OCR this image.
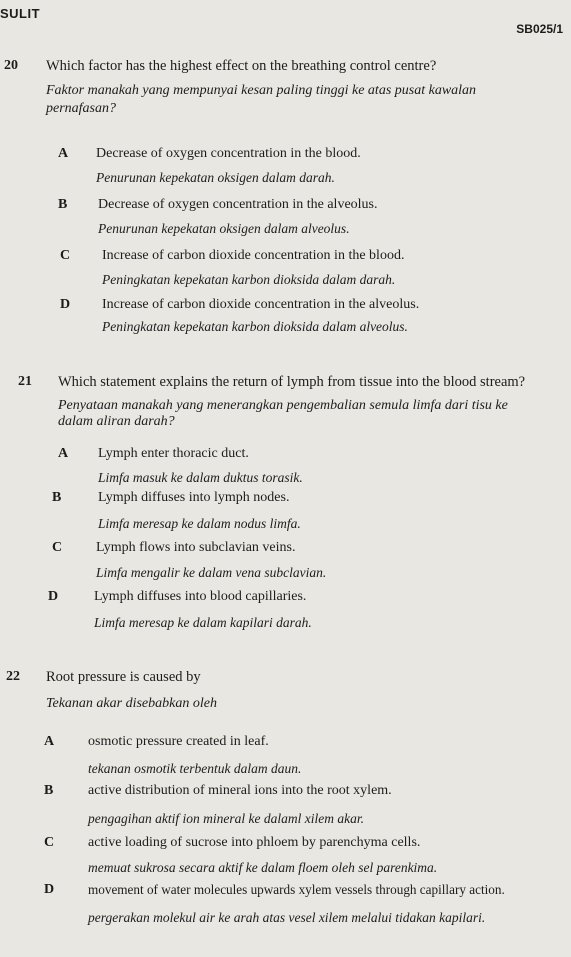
SULIT
SB025/1
20 Which factor has the highest effect on the breathing control centre?
Faktor manakah yang mempunyai kesan paling tinggi ke atas pusat kawalan
pernafasan?
A Decrease of oxygen concentration in the blood.
Penurunan kepekatan oksigen dalam darah.
B Decrease of oxygen concentration in the alveolus.
Penurunan kepekatan oksigen dalam alveolus.
C Increase of carbon dioxide concentration in the blood.
Peningkatan kepekatan karbon dioksida dalam darah.
D Increase of carbon dioxide concentration in the alveolus.
Peningkatan kepekatan karbon dioksida dalam alveolus.
21 Which statement explains the return of lymph from tissue into the blood stream?
Penyataan manakah yang menerangkan pengembalian semula limfa dari tisu ke
dalam aliran darah?
A Lymph enter thoracic duct.
Limfa masuk ke dalam duktus torasik.
B	Lymph diffuses into lymph nodes.
Limfa meresap ke dalam nodus limfa.
C Lymph flows into subclavian veins.
Limfa mengalir ke dalam vena subclavian.
D	Lymph diffuses into blood capillaries.
Limfa meresap ke dalam kapilari darah.
22 Root pressure is caused by
Tekanan akar disebabkan oleh
A osmotic pressure created in leaf.
tekanan osmotik terbentuk dalam daun.
B active distribution of mineral ions into the root xylem.
pengagihan aktif ion mineral ke dalaml xilem akar.
C active loading of sucrose into phloem by parenchyma cells.
memuat sukrosa secara aktif ke dalam floem oleh sel parenkima.
D	movement of water molecules upwards xylem vessels through capillary action.
pergerakan molekul air ke arah atas vesel xilem melalui tidakan kapilari.
